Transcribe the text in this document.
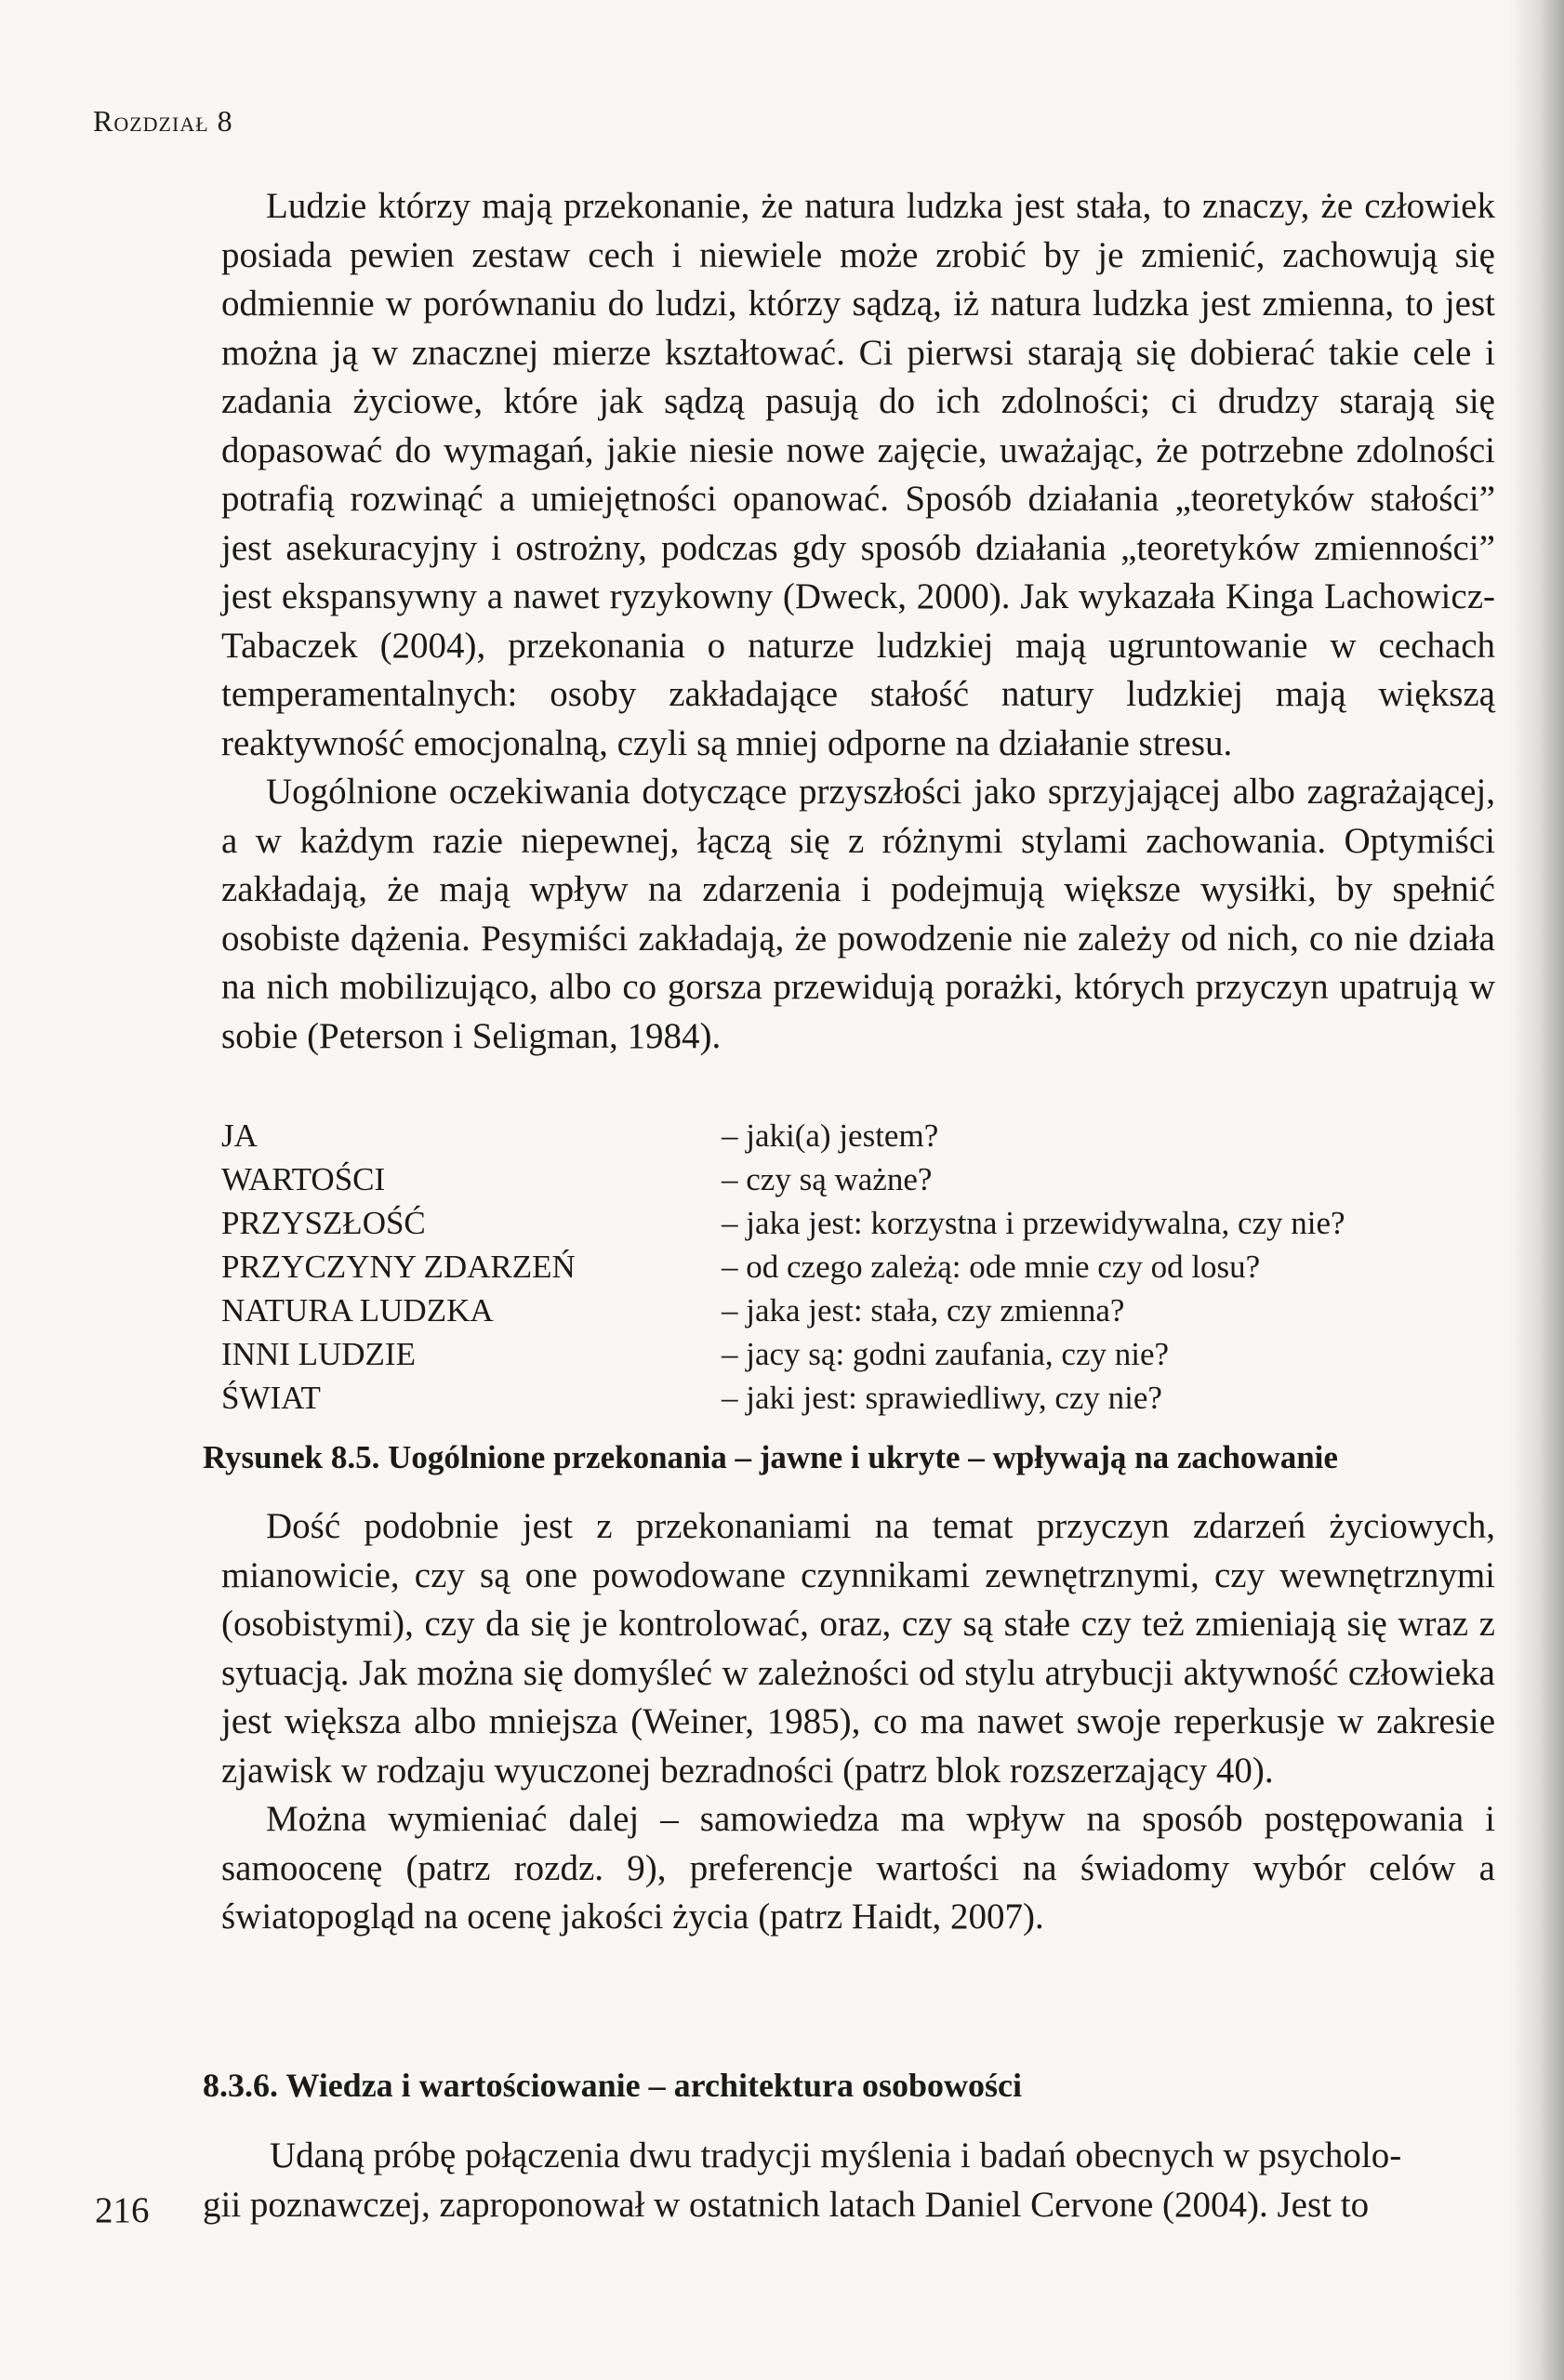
Rozdział 8

Ludzie którzy mają przekonanie, że natura ludzka jest stała, to znaczy, że człowiek posiada pewien zestaw cech i niewiele może zrobić by je zmienić, zachowują się odmiennie w porównaniu do ludzi, którzy sądzą, iż natura ludzka jest zmienna, to jest można ją w znacznej mierze kształtować. Ci pierwsi starają się dobierać takie cele i zadania życiowe, które jak sądzą pasują do ich zdolności; ci drudzy starają się dopasować do wymagań, jakie niesie nowe zajęcie, uważając, że potrzebne zdolności potrafią rozwinąć a umiejętności opanować. Sposób działania „teoretyków stałości” jest asekuracyjny i ostrożny, podczas gdy sposób działania „teoretyków zmienności” jest ekspansywny a nawet ryzykowny (Dweck, 2000). Jak wykazała Kinga Lachowicz-Tabaczek (2004), przekonania o naturze ludzkiej mają ugruntowanie w cechach temperamentalnych: osoby zakładające stałość natury ludzkiej mają większą reaktywność emocjonalną, czyli są mniej odporne na działanie stresu.

Uogólnione oczekiwania dotyczące przyszłości jako sprzyjającej albo zagrażającej, a w każdym razie niepewnej, łączą się z różnymi stylami zachowania. Optymiści zakładają, że mają wpływ na zdarzenia i podejmują większe wysiłki, by spełnić osobiste dążenia. Pesymiści zakładają, że powodzenie nie zależy od nich, co nie działa na nich mobilizująco, albo co gorsza przewidują porażki, których przyczyn upatrują w sobie (Peterson i Seligman, 1984).

JA	– jaki(a) jestem?
WARTOŚCI	– czy są ważne?
PRZYSZŁOŚĆ	– jaka jest: korzystna i przewidywalna, czy nie?
PRZYCZYNY ZDARZEŃ	– od czego zależą: ode mnie czy od losu?
NATURA LUDZKA	– jaka jest: stała, czy zmienna?
INNI LUDZIE	– jacy są: godni zaufania, czy nie?
ŚWIAT	– jaki jest: sprawiedliwy, czy nie?
Rysunek 8.5. Uogólnione przekonania – jawne i ukryte – wpływają na zachowanie

Dość podobnie jest z przekonaniami na temat przyczyn zdarzeń życiowych, mianowicie, czy są one powodowane czynnikami zewnętrznymi, czy wewnętrznymi (osobistymi), czy da się je kontrolować, oraz, czy są stałe czy też zmieniają się wraz z sytuacją. Jak można się domyśleć w zależności od stylu atrybucji aktywność człowieka jest większa albo mniejsza (Weiner, 1985), co ma nawet swoje reperkusje w zakresie zjawisk w rodzaju wyuczonej bezradności (patrz blok rozszerzający 40).

Można wymieniać dalej – samowiedza ma wpływ na sposób postępowania i samoocenę (patrz rozdz. 9), preferencje wartości na świadomy wybór celów a światopogląd na ocenę jakości życia (patrz Haidt, 2007).

8.3.6. Wiedza i wartościowanie – architektura osobowości
Udaną próbę połączenia dwu tradycji myślenia i badań obecnych w psycholo-
gii poznawczej, zaproponował w ostatnich latach Daniel Cervone (2004). Jest to
216
